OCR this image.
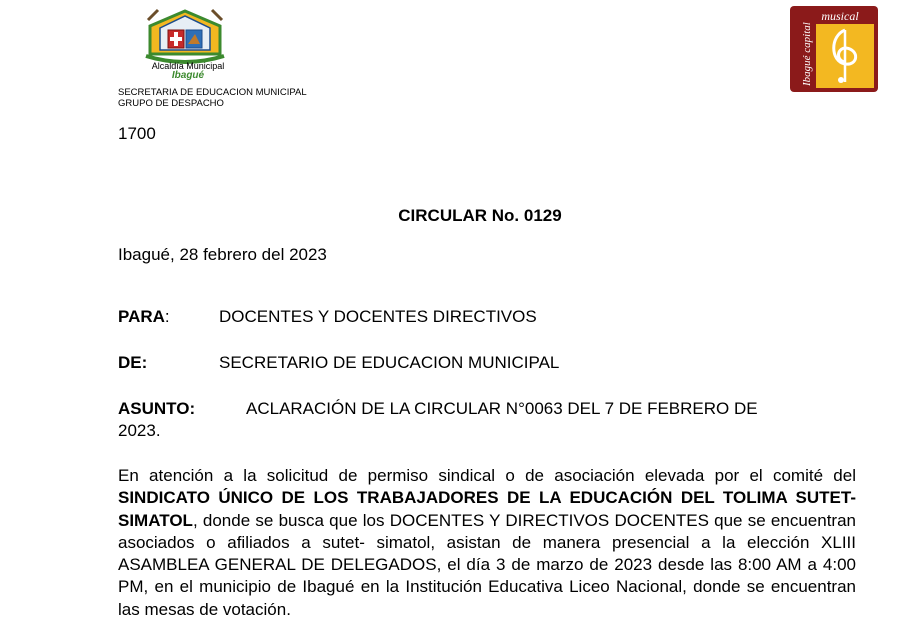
Alcaldía Municipal
Ibagué
SECRETARIA DE EDUCACION MUNICIPAL
GRUPO DE DESPACHO
musical
Ibagué capital
1700
CIRCULAR No. 0129
Ibagué, 28 febrero del 2023
PARA:	DOCENTES Y DOCENTES DIRECTIVOS
DE:	SECRETARIO DE EDUCACION MUNICIPAL
ASUNTO:	ACLARACIÓN DE LA CIRCULAR N°0063 DEL 7 DE FEBRERO DE
2023.
En atención a la solicitud de permiso sindical o de asociación elevada por el comité del SINDICATO ÚNICO DE LOS TRABAJADORES DE LA EDUCACIÓN DEL TOLIMA SUTET-SIMATOL, donde se busca que los DOCENTES Y DIRECTIVOS DOCENTES que se encuentran asociados o afiliados a sutet- simatol, asistan de manera presencial a la elección XLIII ASAMBLEA GENERAL DE DELEGADOS, el día 3 de marzo de 2023 desde las 8:00 AM a 4:00 PM, en el municipio de Ibagué en la Institución Educativa Liceo Nacional, donde se encuentran las mesas de votación.
